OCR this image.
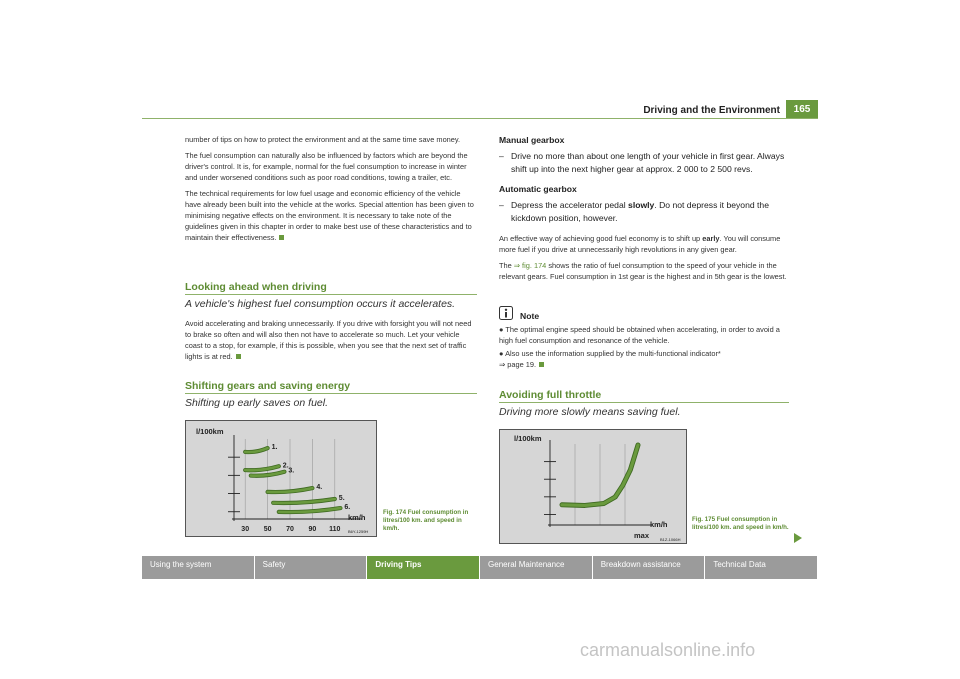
Driving and the Environment	165

number of tips on how to protect the environment and at the same time save money.

The fuel consumption can naturally also be influenced by factors which are beyond the driver's control. It is, for example, normal for the fuel consumption to increase in winter and under worsened conditions such as poor road conditions, towing a trailer, etc.

The technical requirements for low fuel usage and economic efficiency of the vehicle have already been built into the vehicle at the works. Special attention has been given to minimising negative effects on the environment. It is necessary to take note of the guidelines given in this chapter in order to make best use of these characteristics and to maintain their effectiveness.

Looking ahead when driving
A vehicle's highest fuel consumption occurs it accelerates.
Avoid accelerating and braking unnecessarily. If you drive with forsight you will not need to brake so often and will also then not have to accelerate so much. Let your vehicle coast to a stop, for example, if this is possible, when you see that the next set of traffic lights is at red.
Shifting gears and saving energy
Shifting up early saves on fuel.
30 50 70 90 110
l/100km
km/h
1.
2.
3.
4.
5.
6.
B6Y-1259H
Fig. 174 Fuel consumption in litres/100 km. and speed in km/h.
Manual gearbox
– Drive no more than about one length of your vehicle in first gear. Always shift up into the next higher gear at approx. 2 000 to 2 500 revs.
Automatic gearbox
– Depress the accelerator pedal slowly. Do not depress it beyond the kickdown position, however.

An effective way of achieving good fuel economy is to shift up early. You will consume more fuel if you drive at unnecessarily high revolutions in any given gear.

The ⇒ fig. 174 shows the ratio of fuel consumption to the speed of your vehicle in the relevant gears. Fuel consumption in 1st gear is the highest and in 5th gear is the lowest.

Note
● The optimal engine speed should be obtained when accelerating, in order to avoid a high fuel consumption and resonance of the vehicle.
● Also use the information supplied by the multi-functional indicator*
⇒ page 19.
Avoiding full throttle
Driving more slowly means saving fuel.
l/100km
km/h
max	B1Z-1066H
Fig. 175 Fuel consumption in litres/100 km. and speed in km/h.
Using the system	Safety	Driving Tips	General Maintenance	Breakdown assistance	Technical Data
carmanualsonline.info
